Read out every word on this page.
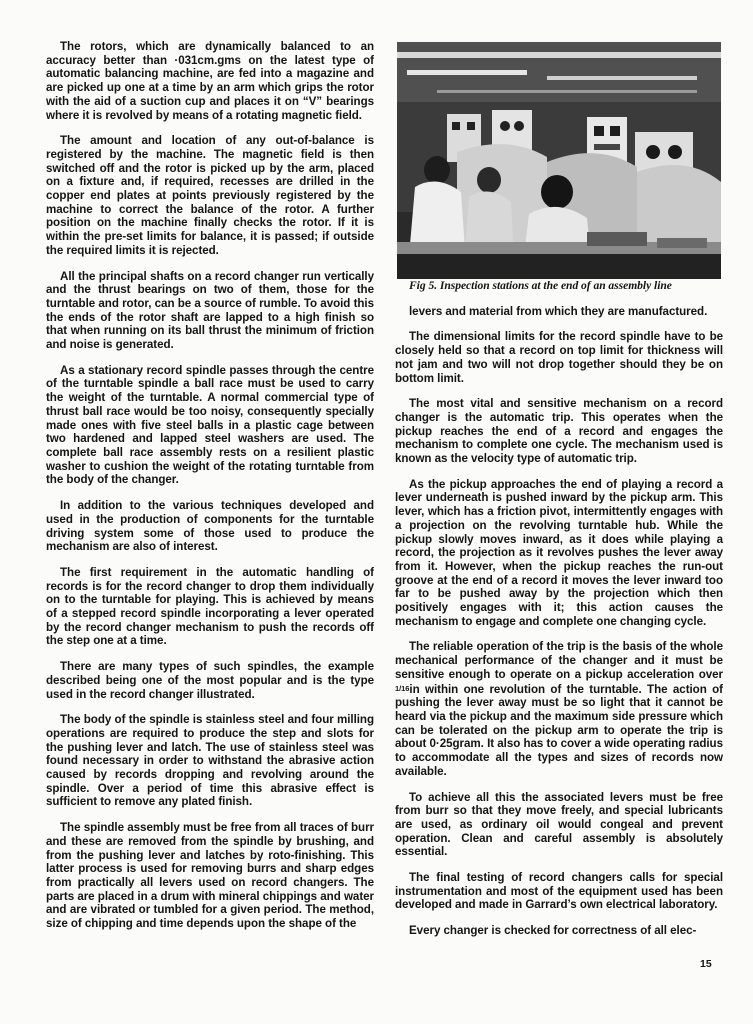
The rotors, which are dynamically balanced to an accuracy better than ·031cm.gms on the latest type of automatic balancing machine, are fed into a magazine and are picked up one at a time by an arm which grips the rotor with the aid of a suction cup and places it on “V” bearings where it is revolved by means of a rotating magnetic field.

The amount and location of any out-of-balance is registered by the machine. The magnetic field is then switched off and the rotor is picked up by the arm, placed on a fixture and, if required, recesses are drilled in the copper end plates at points previously registered by the machine to correct the balance of the rotor. A further position on the machine finally checks the rotor. If it is within the pre-set limits for balance, it is passed; if outside the required limits it is rejected.

All the principal shafts on a record changer run vertically and the thrust bearings on two of them, those for the turntable and rotor, can be a source of rumble. To avoid this the ends of the rotor shaft are lapped to a high finish so that when running on its ball thrust the minimum of friction and noise is generated.

As a stationary record spindle passes through the centre of the turntable spindle a ball race must be used to carry the weight of the turntable. A normal commercial type of thrust ball race would be too noisy, consequently specially made ones with five steel balls in a plastic cage between two hardened and lapped steel washers are used. The complete ball race assembly rests on a resilient plastic washer to cushion the weight of the rotating turntable from the body of the changer.

In addition to the various techniques developed and used in the production of components for the turntable driving system some of those used to produce the mechanism are also of interest.

The first requirement in the automatic handling of records is for the record changer to drop them individually on to the turntable for playing. This is achieved by means of a stepped record spindle incorporating a lever operated by the record changer mechanism to push the records off the step one at a time.

There are many types of such spindles, the example described being one of the most popular and is the type used in the record changer illustrated.

The body of the spindle is stainless steel and four milling operations are required to produce the step and slots for the pushing lever and latch. The use of stainless steel was found necessary in order to withstand the abrasive action caused by records dropping and revolving around the spindle. Over a period of time this abrasive effect is sufficient to remove any plated finish.

The spindle assembly must be free from all traces of burr and these are removed from the spindle by brushing, and from the pushing lever and latches by roto-finishing. This latter process is used for removing burrs and sharp edges from practically all levers used on record changers. The parts are placed in a drum with mineral chippings and water and are vibrated or tumbled for a given period. The method, size of chipping and time depends upon the shape of the

Fig 5. Inspection stations at the end of an assembly line

levers and material from which they are manufactured.

The dimensional limits for the record spindle have to be closely held so that a record on top limit for thickness will not jam and two will not drop together should they be on bottom limit.

The most vital and sensitive mechanism on a record changer is the automatic trip. This operates when the pickup reaches the end of a record and engages the mechanism to complete one cycle. The mechanism used is known as the velocity type of automatic trip.

As the pickup approaches the end of playing a record a lever underneath is pushed inward by the pickup arm. This lever, which has a friction pivot, intermittently engages with a projection on the revolving turntable hub. While the pickup slowly moves inward, as it does while playing a record, the projection as it revolves pushes the lever away from it. However, when the pickup reaches the run-out groove at the end of a record it moves the lever inward too far to be pushed away by the projection which then positively engages with it; this action causes the mechanism to engage and complete one changing cycle.

The reliable operation of the trip is the basis of the whole mechanical performance of the changer and it must be sensitive enough to operate on a pickup acceleration over 1/16in within one revolution of the turntable. The action of pushing the lever away must be so light that it cannot be heard via the pickup and the maximum side pressure which can be tolerated on the pickup arm to operate the trip is about 0·25gram. It also has to cover a wide operating radius to accommodate all the types and sizes of records now available.

To achieve all this the associated levers must be free from burr so that they move freely, and special lubricants are used, as ordinary oil would congeal and prevent operation. Clean and careful assembly is absolutely essential.

The final testing of record changers calls for special instrumentation and most of the equipment used has been developed and made in Garrard’s own electrical laboratory.

Every changer is checked for correctness of all elec-

15
